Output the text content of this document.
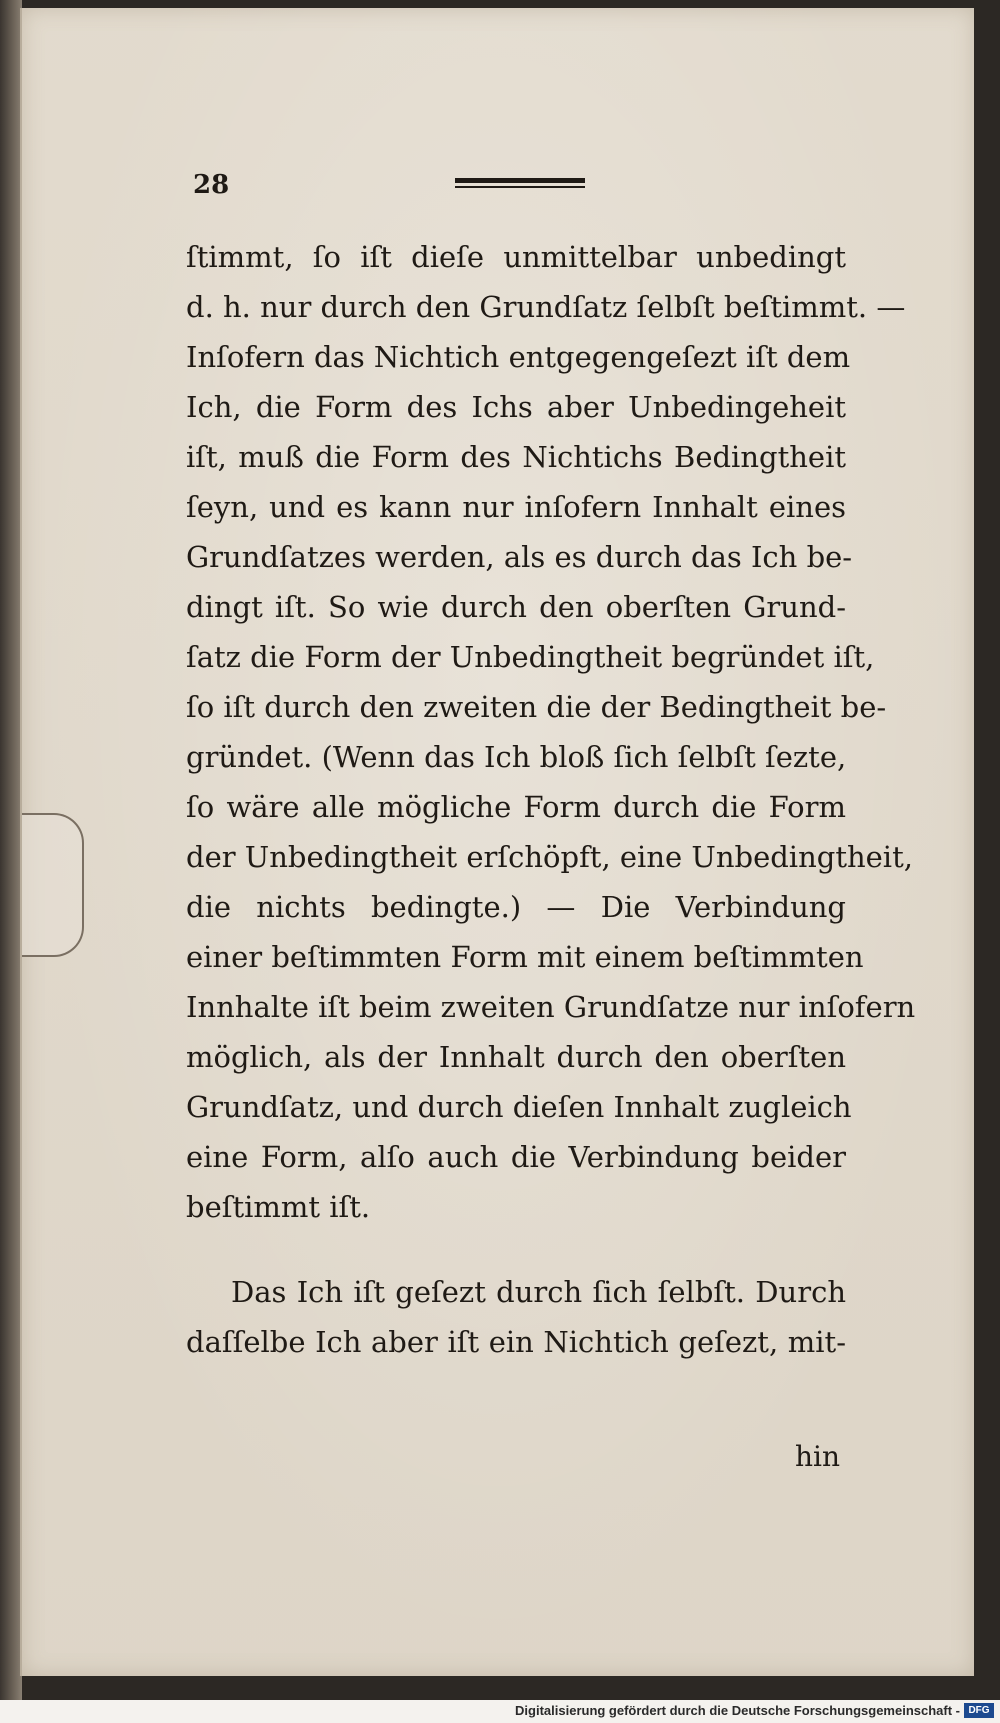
28
ſtimmt, ſo iſt dieſe unmittelbar unbedingt
d. h. nur durch den Grundſatz ſelbſt beſtimmt. —
Inſofern das Nichtich entgegengeſezt iſt dem
Ich, die Form des Ichs aber Unbedingeheit
iſt, muß die Form des Nichtichs Bedingtheit
ſeyn, und es kann nur inſofern Innhalt eines
Grundſatzes werden, als es durch das Ich be-
dingt iſt. So wie durch den oberſten Grund-
ſatz die Form der Unbedingtheit begründet iſt,
ſo iſt durch den zweiten die der Bedingtheit be-
gründet. (Wenn das Ich bloß ſich ſelbſt ſezte,
ſo wäre alle mögliche Form durch die Form
der Unbedingtheit erſchöpft, eine Unbedingtheit,
die nichts bedingte.) — Die Verbindung
einer beſtimmten Form mit einem beſtimmten
Innhalte iſt beim zweiten Grundſatze nur inſofern
möglich, als der Innhalt durch den oberſten
Grundſatz, und durch dieſen Innhalt zugleich
eine Form, alſo auch die Verbindung beider
beſtimmt iſt.
Das Ich iſt geſezt durch ſich ſelbſt. Durch
daſſelbe Ich aber iſt ein Nichtich geſezt, mit-
hin
Digitalisierung gefördert durch die Deutsche Forschungsgemeinschaft - DFG
